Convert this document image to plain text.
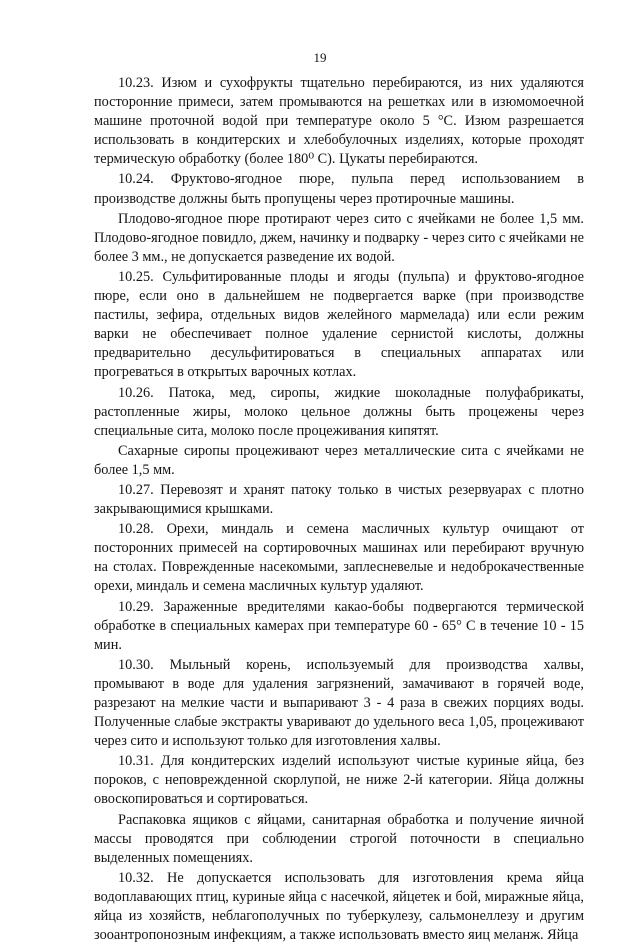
19

10.23. Изюм и сухофрукты тщательно перебираются, из них удаляются посторонние примеси, затем промываются на решетках или в изюмомоечной машине проточной водой при температуре около 5 °С. Изюм разрешается использовать в кондитерских и хлебобулочных изделиях, которые проходят термическую обработку (более 180⁰ С). Цукаты перебираются.

10.24. Фруктово-ягодное пюре, пульпа перед использованием в производстве должны быть пропущены через протирочные машины.

Плодово-ягодное пюре протирают через сито с ячейками не более 1,5 мм. Плодово-ягодное повидло, джем, начинку и подварку - через сито с ячейками не более 3 мм., не допускается разведение их водой.

10.25. Сульфитированные плоды и ягоды (пульпа) и фруктово-ягодное пюре, если оно в дальнейшем не подвергается варке (при производстве пастилы, зефира, отдельных видов желейного мармелада) или если режим варки не обеспечивает полное удаление сернистой кислоты, должны предварительно десульфитироваться в специальных аппаратах или прогреваться в открытых варочных котлах.

10.26. Патока, мед, сиропы, жидкие шоколадные полуфабрикаты, растопленные жиры, молоко цельное должны быть процежены через специальные сита, молоко после процеживания кипятят.

Сахарные сиропы процеживают через металлические сита с ячейками не более 1,5 мм.

10.27. Перевозят и хранят патоку только в чистых резервуарах с плотно закрывающимися крышками.

10.28. Орехи, миндаль и семена масличных культур очищают от посторонних примесей на сортировочных машинах или перебирают вручную на столах. Поврежденные насекомыми, заплесневелые и недоброкачественные орехи, миндаль и семена масличных культур удаляют.

10.29. Зараженные вредителями какао-бобы подвергаются термической обработке в специальных камерах при температуре 60 - 65° С в течение 10 - 15 мин.

10.30. Мыльный корень, используемый для производства халвы, промывают в воде для удаления загрязнений, замачивают в горячей воде, разрезают на мелкие части и выпаривают 3 - 4 раза в свежих порциях воды. Полученные слабые экстракты уваривают до удельного веса 1,05, процеживают через сито и используют только для изготовления халвы.

10.31. Для кондитерских изделий используют чистые куриные яйца, без пороков, с неповрежденной скорлупой, не ниже 2-й категории. Яйца должны овоскопироваться и сортироваться.

Распаковка ящиков с яйцами, санитарная обработка и получение яичной массы проводятся при соблюдении строгой поточности в специально выделенных помещениях.

10.32. Не допускается использовать для изготовления крема яйца водоплавающих птиц, куриные яйца с насечкой, яйцетек и бой, миражные яйца, яйца из хозяйств, неблагополучных по туберкулезу, сальмонеллезу и другим зооантропонозным инфекциям, а также использовать вместо яиц меланж. Яйца
